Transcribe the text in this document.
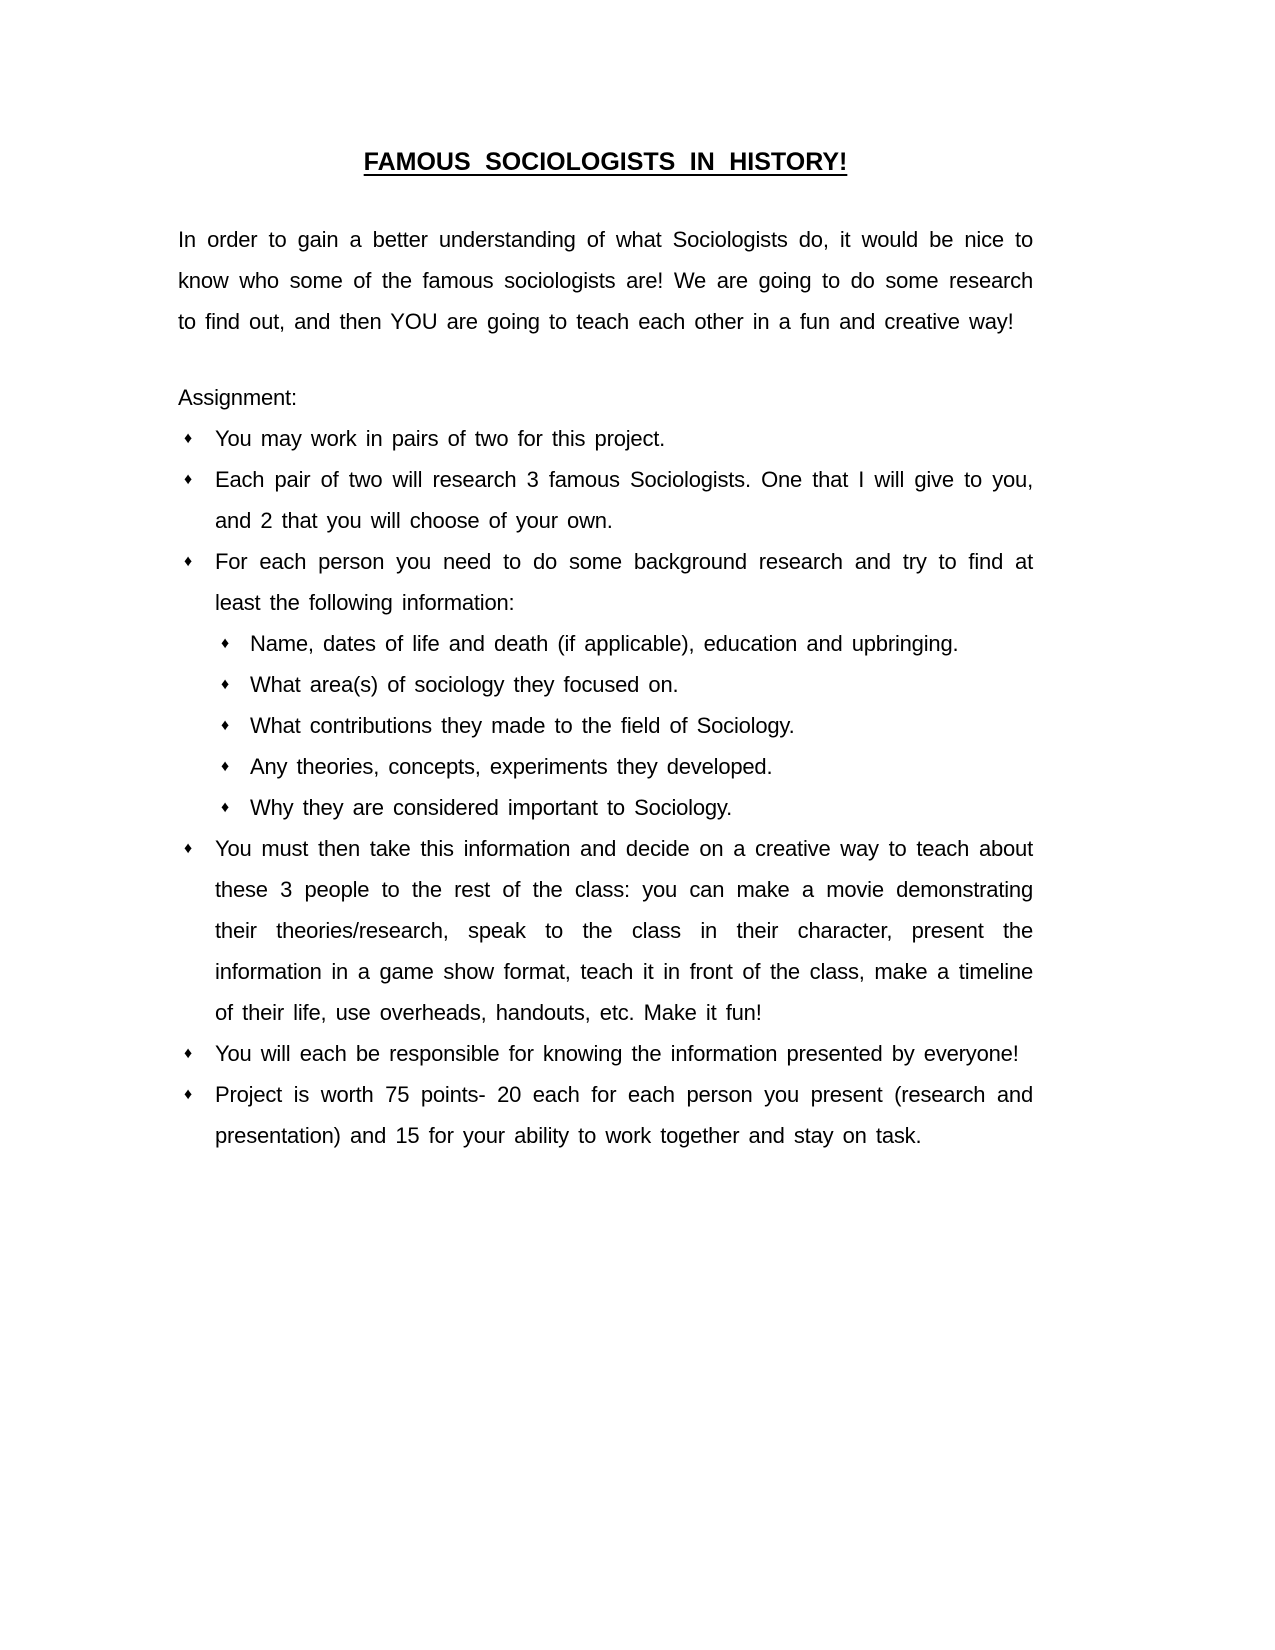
FAMOUS SOCIOLOGISTS IN HISTORY!

In order to gain a better understanding of what Sociologists do, it would be nice to know who some of the famous sociologists are! We are going to do some research to find out, and then YOU are going to teach each other in a fun and creative way!

Assignment:

♦	You may work in pairs of two for this project.
♦	Each pair of two will research 3 famous Sociologists. One that I will give to you, and 2 that you will choose of your own.
♦	For each person you need to do some background research and try to find at least the following information:
♦ Name, dates of life and death (if applicable), education and upbringing.
♦ What area(s) of sociology they focused on.
♦ What contributions they made to the field of Sociology.
♦ Any theories, concepts, experiments they developed.
♦ Why they are considered important to Sociology.
♦	You must then take this information and decide on a creative way to teach about these 3 people to the rest of the class: you can make a movie demonstrating their theories/research, speak to the class in their character, present the information in a game show format, teach it in front of the class, make a timeline of their life, use overheads, handouts, etc. Make it fun!
♦	You will each be responsible for knowing the information presented by everyone!
♦	Project is worth 75 points- 20 each for each person you present (research and presentation) and 15 for your ability to work together and stay on task.
